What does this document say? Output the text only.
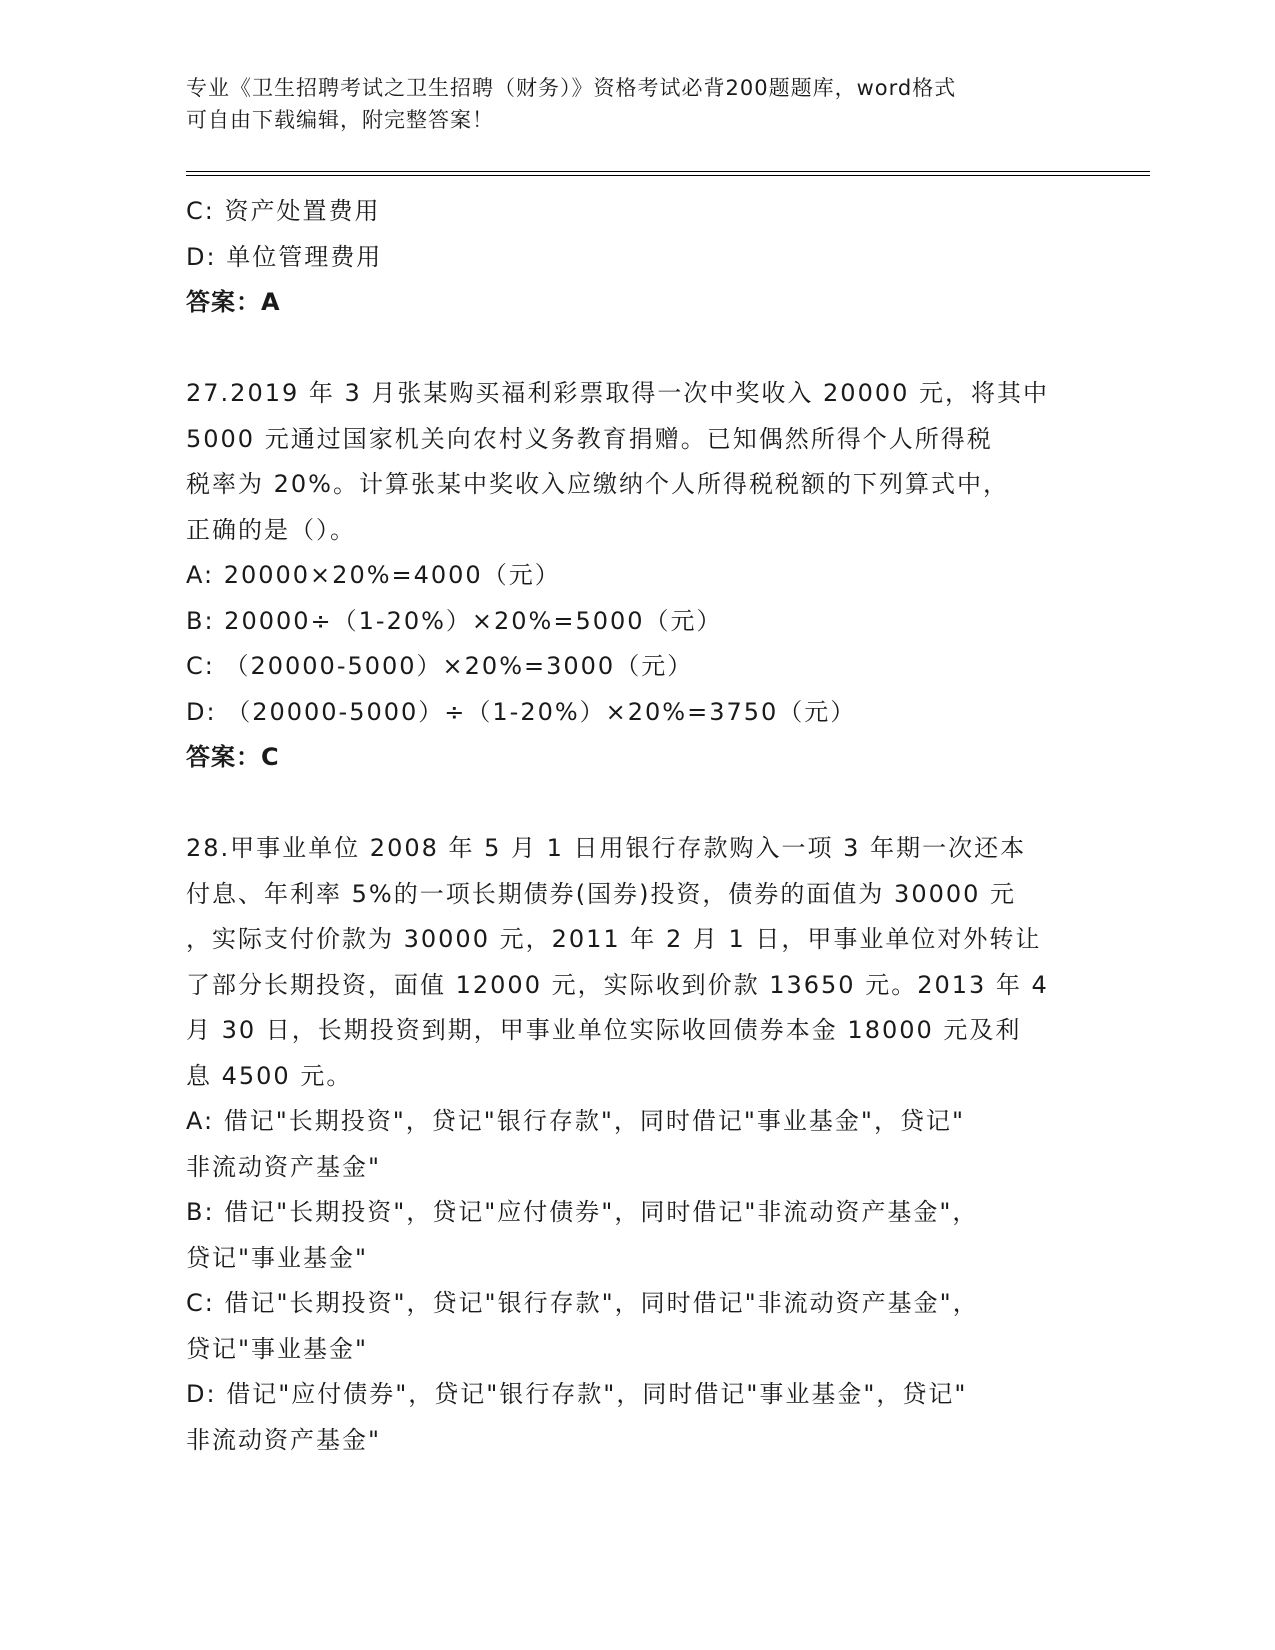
专业《卫生招聘考试之卫生招聘（财务）》资格考试必背200题题库，word格式
可自由下载编辑，附完整答案！
C: 资产处置费用
D: 单位管理费用
答案：A
27.2019 年 3 月张某购买福利彩票取得一次中奖收入 20000 元，将其中
5000 元通过国家机关向农村义务教育捐赠。已知偶然所得个人所得税
税率为 20%。计算张某中奖收入应缴纳个人所得税税额的下列算式中，
正确的是（）。
A: 20000×20%=4000（元）
B: 20000÷（1-20%）×20%=5000（元）
C: （20000-5000）×20%=3000（元）
D: （20000-5000）÷（1-20%）×20%=3750（元）
答案：C
28.甲事业单位 2008 年 5 月 1 日用银行存款购入一项 3 年期一次还本
付息、年利率 5%的一项长期债券(国券)投资，债券的面值为 30000 元
，实际支付价款为 30000 元，2011 年 2 月 1 日，甲事业单位对外转让
了部分长期投资，面值 12000 元，实际收到价款 13650 元。2013 年 4
月 30 日，长期投资到期，甲事业单位实际收回债券本金 18000 元及利
息 4500 元。
A: 借记"长期投资"，贷记"银行存款"，同时借记"事业基金"，贷记"
非流动资产基金"
B: 借记"长期投资"，贷记"应付债券"，同时借记"非流动资产基金"，
贷记"事业基金"
C: 借记"长期投资"，贷记"银行存款"，同时借记"非流动资产基金"，
贷记"事业基金"
D: 借记"应付债券"，贷记"银行存款"，同时借记"事业基金"，贷记"
非流动资产基金"
